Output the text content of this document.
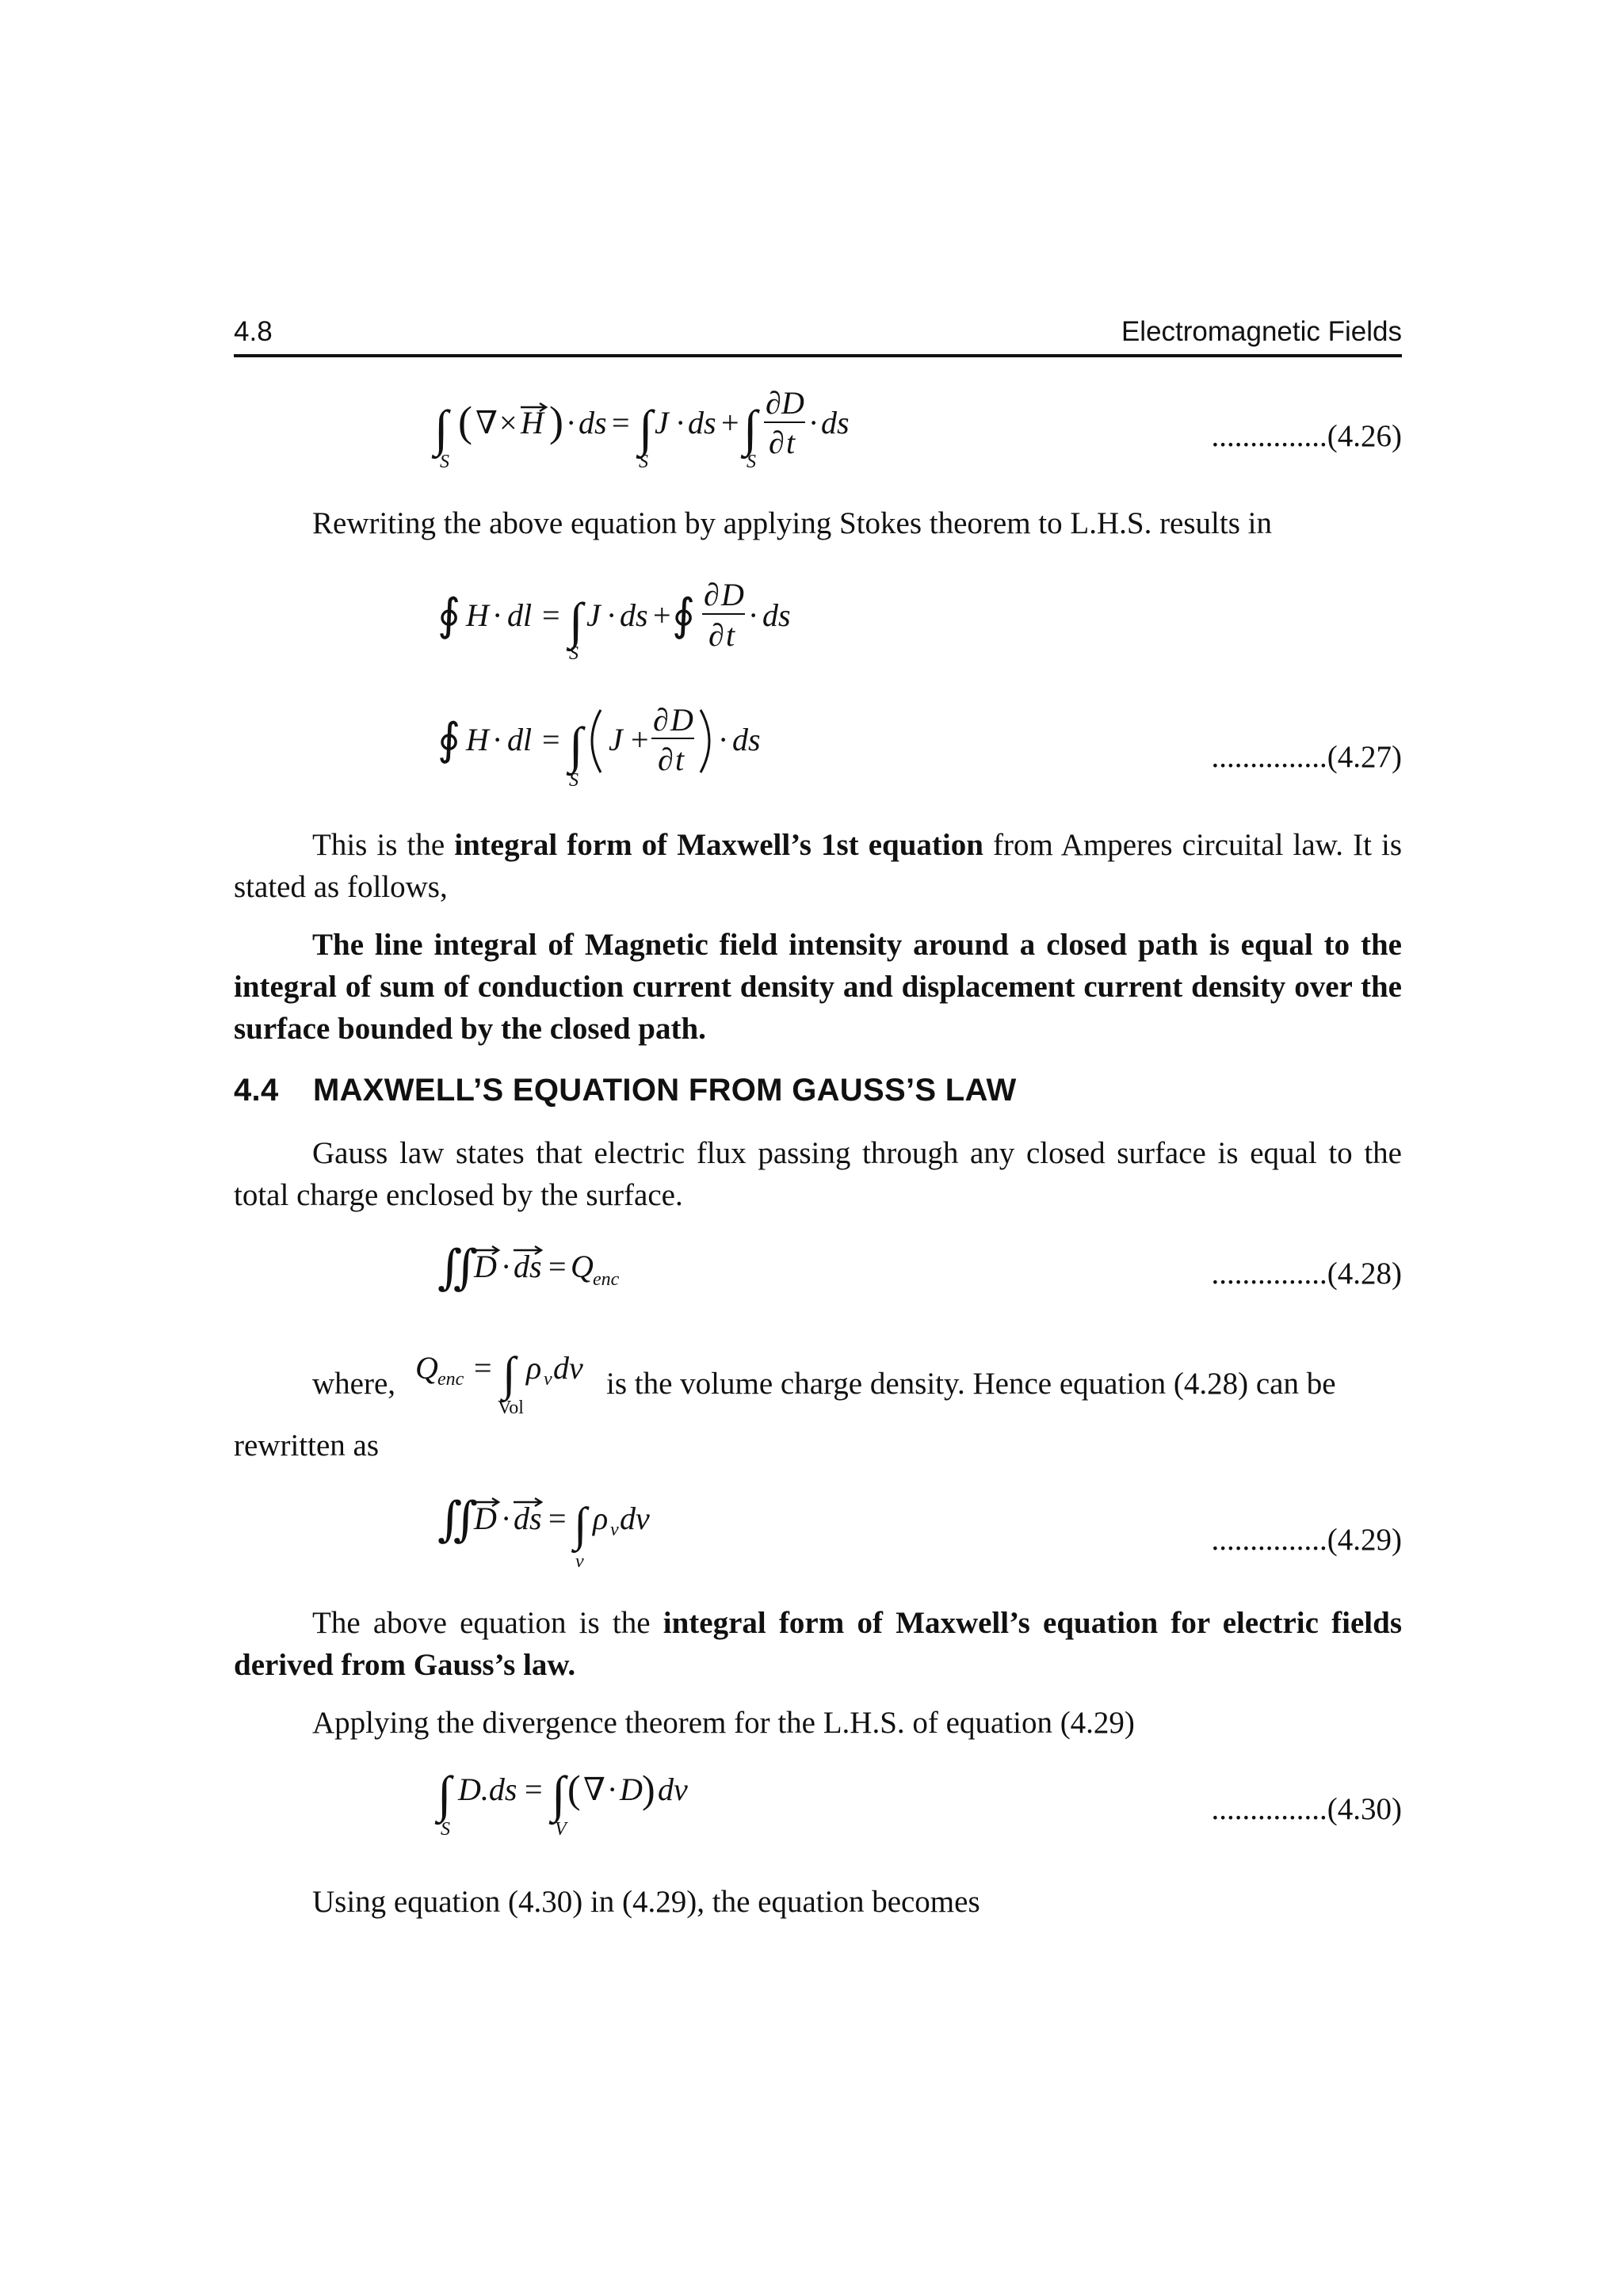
4.8	Electromagnetic Fields
∫ ( ∇ × H ) · ds = ∫ J · ds + ∫ ∂ D
∂ t
· ds
S	S	S
...............(4.26)
Rewriting the above equation by applying Stokes theorem to L.H.S. results in
∮ H · dl = ∫ J · ds + ∮ ∂ D
∂ t
· ds
S
∮ H · dl = ∫ J +
∂ D
∂ t
· ds
S
...............(4.27)
This is the integral form of Maxwell’s 1st equation from Amperes circuital law. It is stated as follows,
The line integral of Magnetic field intensity around a closed path is equal to the integral of sum of conduction current density and displacement current density over the surface bounded by the closed path.
4.4 MAXWELL’S EQUATION FROM GAUSS’S LAW
Gauss law states that electric flux passing through any closed surface is equal to the total charge enclosed by the surface.
∬
D · ds = Q enc	...............(4.28)
where, Q enc = ∫ ρ v dv
Vol
is the volume charge density. Hence equation (4.28) can be
rewritten as
∬
D · ds = ∫ ρ v dv
v
...............(4.29)
The above equation is the integral form of Maxwell’s equation for electric fields derived from Gauss’s law.
Applying the divergence theorem for the L.H.S. of equation (4.29)
∫ D.ds = ∫ ( ∇ · D ) dv
S	V
...............(4.30)
Using equation (4.30) in (4.29), the equation becomes
